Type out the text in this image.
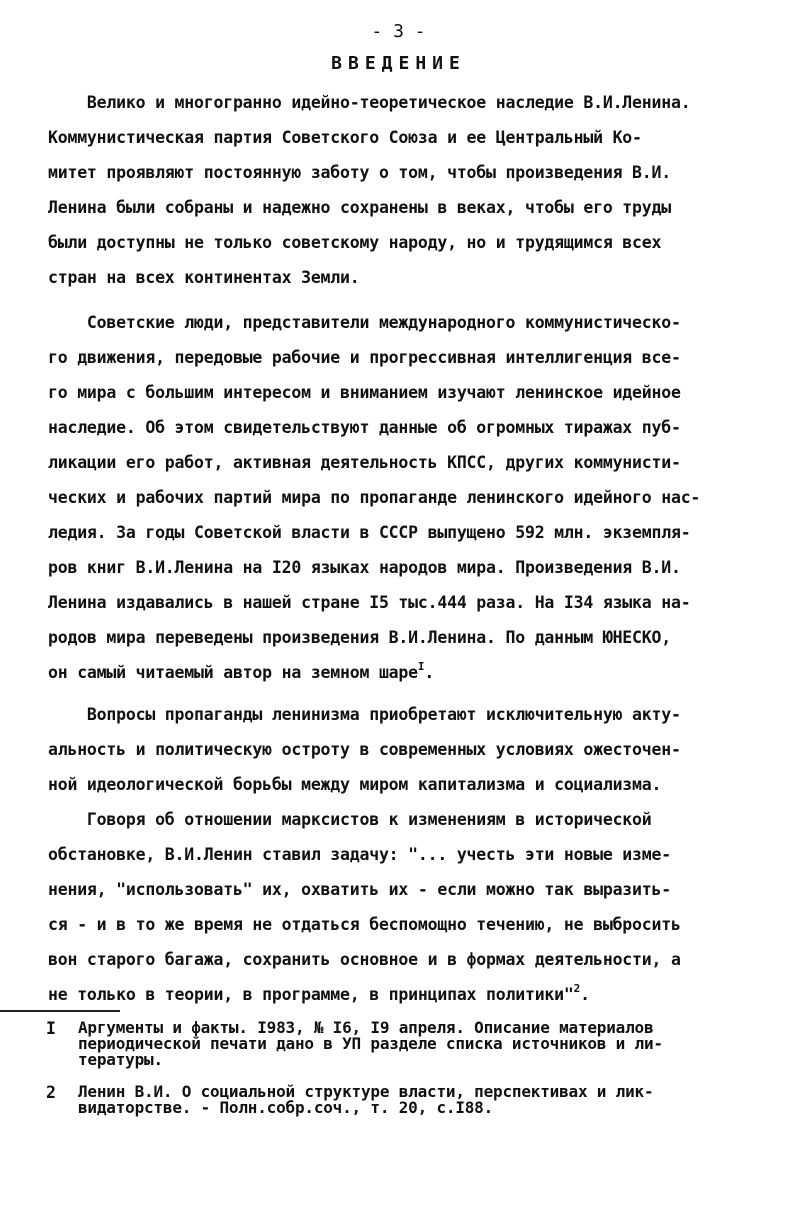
- 3 -
ВВЕДЕНИЕ
Велико и многогранно идейно-теоретическое наследие В.И.Ленина.
Коммунистическая партия Советского Союза и ее Центральный Ко-
митет проявляют постоянную заботу о том, чтобы произведения В.И.
Ленина были собраны и надежно сохранены в веках, чтобы его труды
были доступны не только советскому народу, но и трудящимся всех
стран на всех континентах Земли.
Советские люди, представители международного коммунистическо-
го движения, передовые рабочие и прогрессивная интеллигенция все-
го мира с большим интересом и вниманием изучают ленинское идейное
наследие. Об этом свидетельствуют данные об огромных тиражах пуб-
ликации его работ, активная деятельность КПСС, других коммунисти-
ческих и рабочих партий мира по пропаганде ленинского идейного нас-
ледия. За годы Советской власти в СССР выпущено 592 млн. экземпля-
ров книг В.И.Ленина на I20 языках народов мира. Произведения В.И.
Ленина издавались в нашей стране I5 тыс.444 раза. На I34 языка на-
родов мира переведены произведения В.И.Ленина. По данным ЮНЕСКО,
он самый читаемый автор на земном шаре$^I$.
Вопросы пропаганды ленинизма приобретают исключительную акту-
альность и политическую остроту в современных условиях ожесточен-
ной идеологической борьбы между миром капитализма и социализма.
Говоря об отношении марксистов к изменениям в исторической
обстановке, В.И.Ленин ставил задачу: "... учесть эти новые изме-
нения, "использовать" их, охватить их - если можно так выразить-
ся - и в то же время не отдаться беспомощно течению, не выбросить
вон старого багажа, сохранить основное и в формах деятельности, а
не только в теории, в программе, в принципах политики"$^2$.
I Аргументы и факты. I983, № I6, I9 апреля. Описание материалов
периодической печати дано в УП разделе списка источников и ли-
тературы.
2 Ленин В.И. О социальной структуре власти, перспективах и лик-
видаторстве. - Полн.собр.соч., т. 20, с.I88.
